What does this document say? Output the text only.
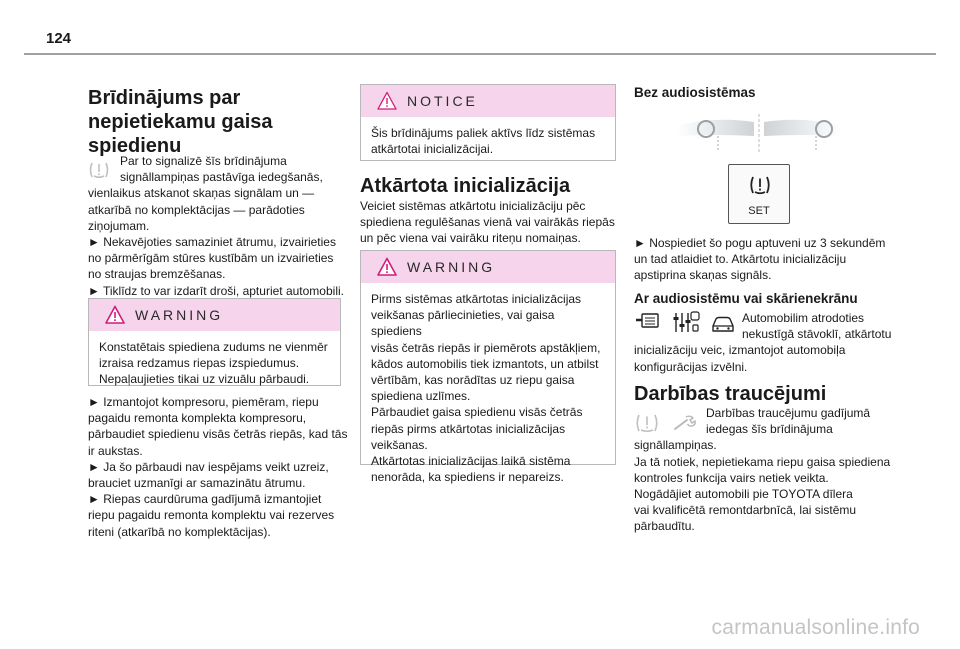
124
Brīdinājums par
nepietiekamu gaisa
spiedienu
Par to signalizē šīs brīdinājuma
signāllampiņas pastāvīga iedegšanās,
vienlaikus atskanot skaņas signālam un —
atkarībā no komplektācijas — parādoties
ziņojumam.
► Nekavējoties samaziniet ātrumu, izvairieties
no pārmērīgām stūres kustībām un izvairieties
no straujas bremzēšanas.
► Tiklīdz to var izdarīt droši, apturiet automobili.
WARNING
Konstatētais spiediena zudums ne vienmēr
izraisa redzamus riepas izspiedumus.
Nepaļaujieties tikai uz vizuālu pārbaudi.
► Izmantojot kompresoru, piemēram, riepu
pagaidu remonta komplekta kompresoru,
pārbaudiet spiedienu visās četrās riepās, kad tās
ir aukstas.
► Ja šo pārbaudi nav iespējams veikt uzreiz,
brauciet uzmanīgi ar samazinātu ātrumu.
► Riepas caurdūruma gadījumā izmantojiet
riepu pagaidu remonta komplektu vai rezerves
riteni (atkarībā no komplektācijas).
NOTICE
Šis brīdinājums paliek aktīvs līdz sistēmas
atkārtotai inicializācijai.
Atkārtota inicializācija
Veiciet sistēmas atkārtotu inicializāciju pēc
spiediena regulēšanas vienā vai vairākās riepās
un pēc viena vai vairāku riteņu nomaiņas.
WARNING
Pirms sistēmas atkārtotas inicializācijas
veikšanas pārliecinieties, vai gaisa spiediens
visās četrās riepās ir piemērots apstākļiem,
kādos automobilis tiek izmantots, un atbilst
vērtībām, kas norādītas uz riepu gaisa
spiediena uzlīmes.
Pārbaudiet gaisa spiedienu visās četrās
riepās pirms atkārtotas inicializācijas
veikšanas.
Atkārtotas inicializācijas laikā sistēma
nenorāda, ka spiediens ir nepareizs.
Bez audiosistēmas
SET
► Nospiediet šo pogu aptuveni uz 3 sekundēm
un tad atlaidiet to. Atkārtotu inicializāciju
apstiprina skaņas signāls.
Ar audiosistēmu vai skārienekrānu
Automobilim atrodoties
nekustīgā stāvoklī, atkārtotu
inicializāciju veic, izmantojot automobiļa
konfigurācijas izvēlni.
Darbības traucējumi
Darbības traucējumu gadījumā
iedegas šīs brīdinājuma
signāllampiņas.
Ja tā notiek, nepietiekama riepu gaisa spiediena
kontroles funkcija vairs netiek veikta.
Nogādājiet automobili pie TOYOTA dīlera
vai kvalificētā remontdarbnīcā, lai sistēmu
pārbaudītu.
carmanualsonline.info
